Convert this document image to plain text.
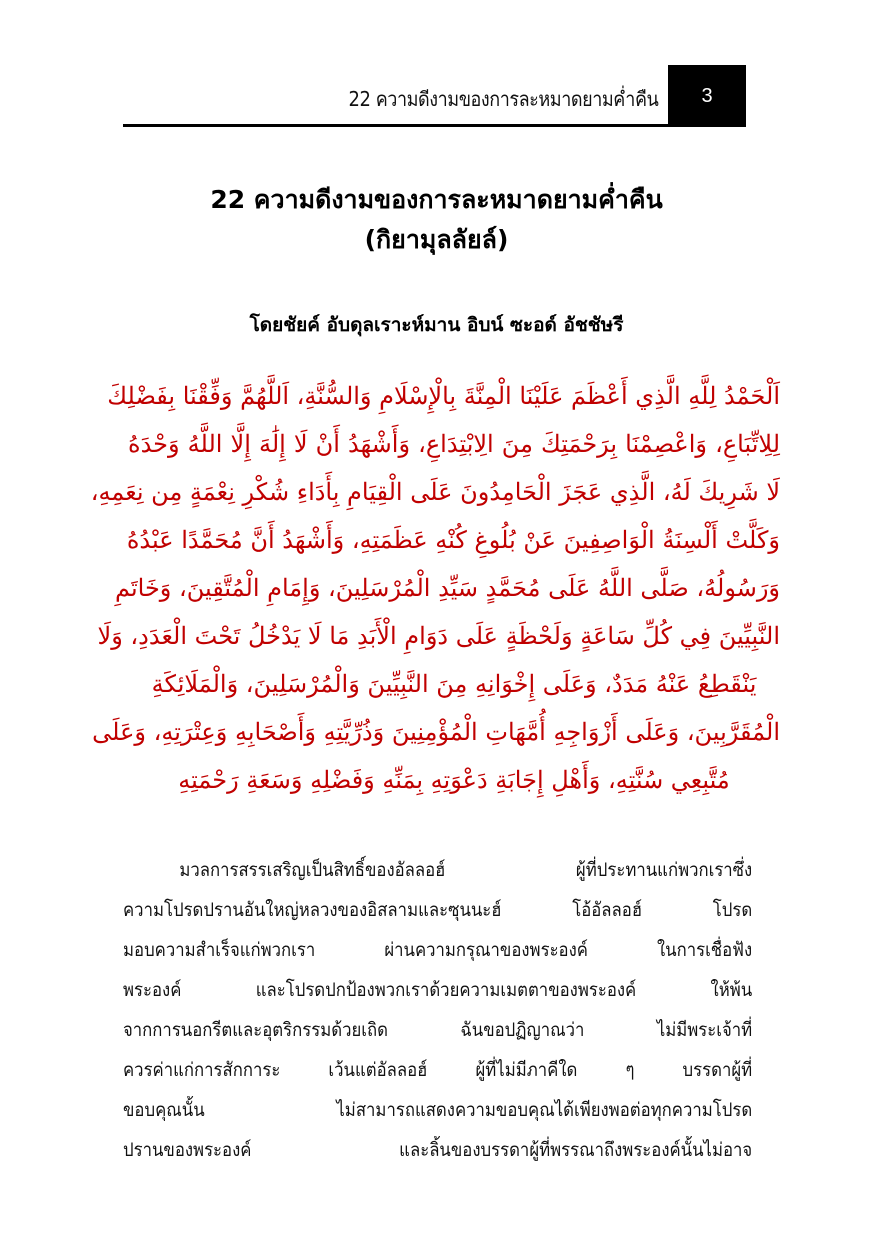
22 ความดีงามของการละหมาดยามค่ำคืน 3
22 ความดีงามของการละหมาดยามค่ำคืน
(กิยามุลลัยล์)
โดยชัยค์ อับดุลเราะห์มาน อิบน์ ซะอด์ อัชชัษรี
اَلْحَمْدُ لِلَّهِ الَّذِي أَعْظَمَ عَلَيْنَا الْمِنَّةَ بِالْإِسْلَامِ وَالسُّنَّةِ، اَللَّهُمَّ وَفِّقْنَا بِفَضْلِكَ
لِلِاتِّبَاعِ، وَاعْصِمْنَا بِرَحْمَتِكَ مِنَ الِابْتِدَاعِ، وَأَشْهَدُ أَنْ لَا إِلَٰهَ إِلَّا اللَّهُ وَحْدَهُ
لَا شَرِيكَ لَهُ، الَّذِي عَجَزَ الْحَامِدُونَ عَلَى الْقِيَامِ بِأَدَاءِ شُكْرِ نِعْمَةٍ مِن نِعَمِهِ،
وَكَلَّتْ أَلْسِنَةُ الْوَاصِفِينَ عَنْ بُلُوغِ كُنْهِ عَظَمَتِهِ، وَأَشْهَدُ أَنَّ مُحَمَّدًا عَبْدُهُ
وَرَسُولُهُ، صَلَّى اللَّهُ عَلَى مُحَمَّدٍ سَيِّدِ الْمُرْسَلِينَ، وَإِمَامِ الْمُتَّقِينَ، وَخَاتَمِ
النَّبِيِّينَ فِي كُلِّ سَاعَةٍ وَلَحْظَةٍ عَلَى دَوَامِ الْأَبَدِ مَا لَا يَدْخُلُ تَحْتَ الْعَدَدِ، وَلَا
يَنْقَطِعُ عَنْهُ مَدَدٌ، وَعَلَى إِخْوَانِهِ مِنَ النَّبِيِّينَ وَالْمُرْسَلِينَ، وَالْمَلَائِكَةِ
الْمُقَرَّبِينَ، وَعَلَى أَزْوَاجِهِ أُمَّهَاتِ الْمُؤْمِنِينَ وَذُرِّيَّتِهِ وَأَصْحَابِهِ وَعِتْرَتِهِ، وَعَلَى
مُتَّبِعِي سُنَّتِهِ، وَأَهْلِ إِجَابَةِ دَعْوَتِهِ بِمَنِّهِ وَفَضْلِهِ وَسَعَةِ رَحْمَتِهِ
มวลการสรรเสริญเป็นสิทธิ์ของอัลลอฮ์ ผู้ที่ประทานแก่พวกเราซึ่ง
ความโปรดปรานอันใหญ่หลวงของอิสลามและซุนนะฮ์ โอ้อัลลอฮ์ โปรด
มอบความสำเร็จแก่พวกเรา ผ่านความกรุณาของพระองค์ ในการเชื่อฟัง
พระองค์ และโปรดปกป้องพวกเราด้วยความเมตตาของพระองค์ ให้พ้น
จากการนอกรีตและอุตริกรรมด้วยเถิด ฉันขอปฏิญาณว่า ไม่มีพระเจ้าที่
ควรค่าแก่การสักการะ เว้นแต่อัลลอฮ์ ผู้ที่ไม่มีภาคีใด ๆ บรรดาผู้ที่
ขอบคุณนั้น ไม่สามารถแสดงความขอบคุณได้เพียงพอต่อทุกความโปรด
ปรานของพระองค์ และลิ้นของบรรดาผู้ที่พรรณาถึงพระองค์นั้นไม่อาจ
